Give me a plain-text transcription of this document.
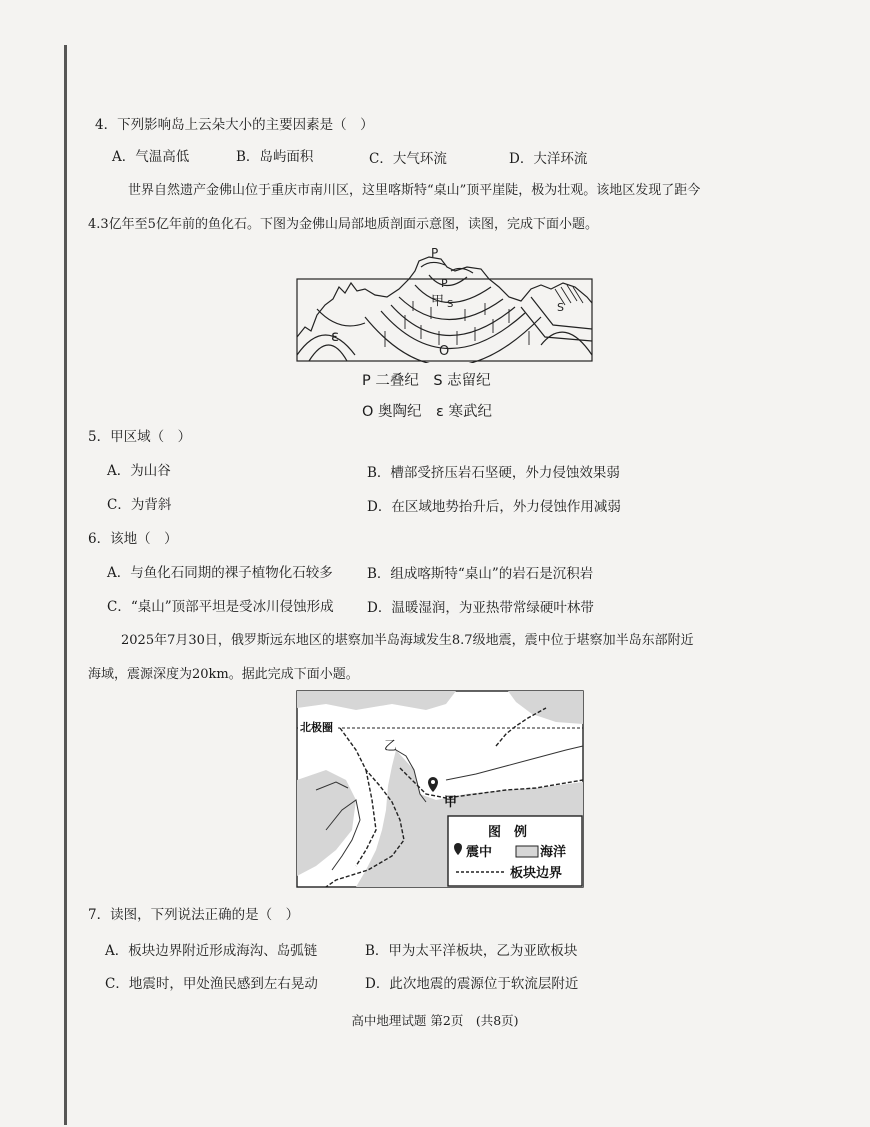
4．下列影响岛上云朵大小的主要因素是（　）
A．气温高低	B．岛屿面积	C．大气环流	D．大洋环流
世界自然遗产金佛山位于重庆市南川区，这里喀斯特“桌山”顶平崖陡，极为壮观。该地区发现了距今
4.3亿年至5亿年前的鱼化石。下图为金佛山局部地质剖面示意图，读图，完成下面小题。
P
P
甲 S	S
ε
O
P 二叠纪　S 志留纪
O 奥陶纪　ε 寒武纪
5．甲区域（　）
A．为山谷	B．槽部受挤压岩石坚硬，外力侵蚀效果弱
C．为背斜	D．在区域地势抬升后，外力侵蚀作用减弱
6．该地（　）
A．与鱼化石同期的裸子植物化石较多	B．组成喀斯特“桌山”的岩石是沉积岩
C．“桌山”顶部平坦是受冰川侵蚀形成 D．温暖湿润，为亚热带常绿硬叶林带
2025年7月30日，俄罗斯远东地区的堪察加半岛海域发生8.7级地震，震中位于堪察加半岛东部附近
海域，震源深度为20km。据此完成下面小题。
北极圈
乙
甲
图　例
震中	海洋
板块边界
7．读图，下列说法正确的是（　）
A．板块边界附近形成海沟、岛弧链	B．甲为太平洋板块，乙为亚欧板块
C．地震时，甲处渔民感到左右晃动	D．此次地震的震源位于软流层附近
高中地理试题 第2页　(共8页)
